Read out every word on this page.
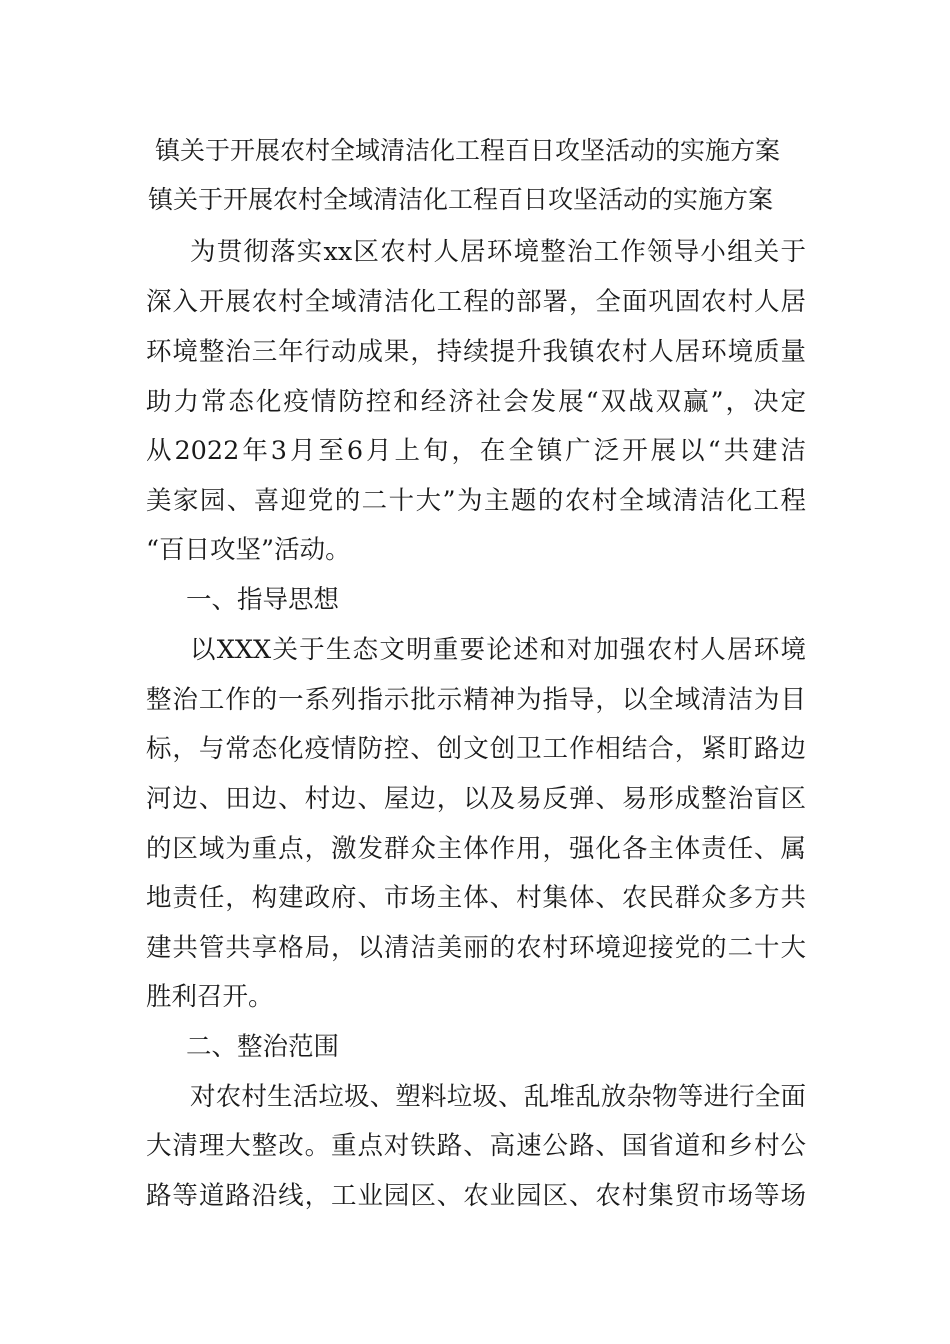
镇关于开展农村全域清洁化工程百日攻坚活动的实施方案
镇关于开展农村全域清洁化工程百日攻坚活动的实施方案
为贯彻落实xx区农村人居环境整治工作领导小组关于
深入开展农村全域清洁化工程的部署，全面巩固农村人居
环境整治三年行动成果，持续提升我镇农村人居环境质量
助力常态化疫情防控和经济社会发展“双战双赢”，决定
从2022年3月至6月上旬，在全镇广泛开展以“共建洁
美家园、喜迎党的二十大”为主题的农村全域清洁化工程
“百日攻坚”活动。
一、指导思想
以XXX关于生态文明重要论述和对加强农村人居环境
整治工作的一系列指示批示精神为指导，以全域清洁为目
标，与常态化疫情防控、创文创卫工作相结合，紧盯路边
河边、田边、村边、屋边，以及易反弹、易形成整治盲区
的区域为重点，激发群众主体作用，强化各主体责任、属
地责任，构建政府、市场主体、村集体、农民群众多方共
建共管共享格局，以清洁美丽的农村环境迎接党的二十大
胜利召开。
二、整治范围
对农村生活垃圾、塑料垃圾、乱堆乱放杂物等进行全面
大清理大整改。重点对铁路、高速公路、国省道和乡村公
路等道路沿线，工业园区、农业园区、农村集贸市场等场
